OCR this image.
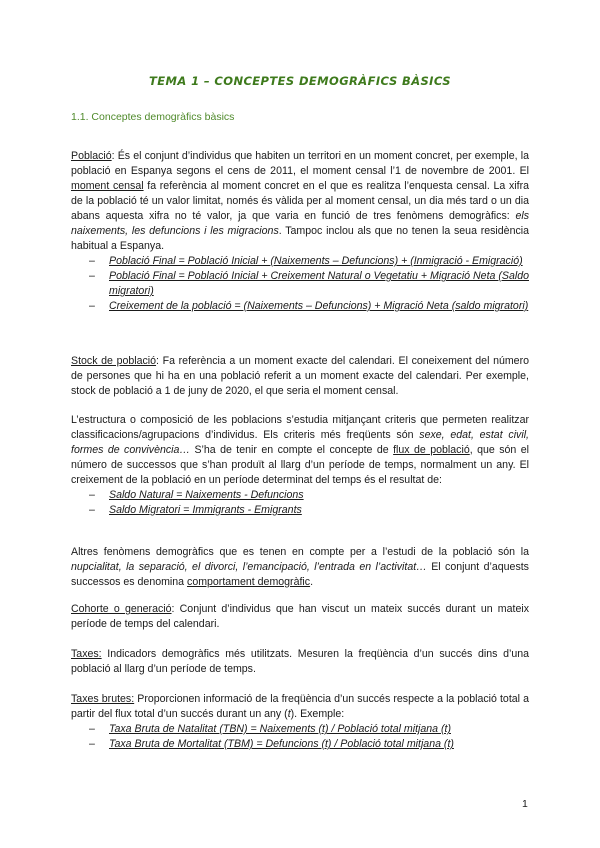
TEMA 1 – CONCEPTES DEMOGRÀFICS BÀSICS
1.1. Conceptes demogràfics bàsics
Població: És el conjunt d’individus que habiten un territori en un moment concret, per exemple, la població en Espanya segons el cens de 2011, el moment censal l’1 de novembre de 2001. El moment censal fa referència al moment concret en el que es realitza l’enquesta censal. La xifra de la població té un valor limitat, només és vàlida per al moment censal, un dia més tard o un dia abans aquesta xifra no té valor, ja que varia en funció de tres fenòmens demogràfics: els naixements, les defuncions i les migracions. Tampoc inclou als que no tenen la seua residència habitual a Espanya.
– Població Final = Població Inicial + (Naixements – Defuncions) + (Inmigració - Emigració)
– Població Final = Població Inicial + Creixement Natural o Vegetatiu + Migració Neta (Saldo migratori)
– Creixement de la població = (Naixements – Defuncions) + Migració Neta (saldo migratori)
Stock de població: Fa referència a un moment exacte del calendari. El coneixement del número de persones que hi ha en una població referit a un moment exacte del calendari. Per exemple, stock de població a 1 de juny de 2020, el que seria el moment censal.
L’estructura o composició de les poblacions s’estudia mitjançant criteris que permeten realitzar classificacions/agrupacions d’individus. Els criteris més freqüents són sexe, edat, estat civil, formes de convivència… S’ha de tenir en compte el concepte de flux de població, que són el número de successos que s’han produït al llarg d’un període de temps, normalment un any. El creixement de la població en un període determinat del temps és el resultat de:
– Saldo Natural = Naixements - Defuncions
– Saldo Migratori = Immigrants - Emigrants
Altres fenòmens demogràfics que es tenen en compte per a l’estudi de la població són la nupcialitat, la separació, el divorci, l’emancipació, l’entrada en l’activitat… El conjunt d’aquests successos es denomina comportament demogràfic.
Cohorte o generació: Conjunt d’individus que han viscut un mateix succés durant un mateix període de temps del calendari.
Taxes: Indicadors demogràfics més utilitzats. Mesuren la freqüència d’un succés dins d’una població al llarg d’un període de temps.
Taxes brutes: Proporcionen informació de la freqüència d’un succés respecte a la població total a partir del flux total d’un succés durant un any (t). Exemple:
– Taxa Bruta de Natalitat (TBN) = Naixements (t) / Població total mitjana (t)
– Taxa Bruta de Mortalitat (TBM) = Defuncions (t) / Població total mitjana (t)
1
